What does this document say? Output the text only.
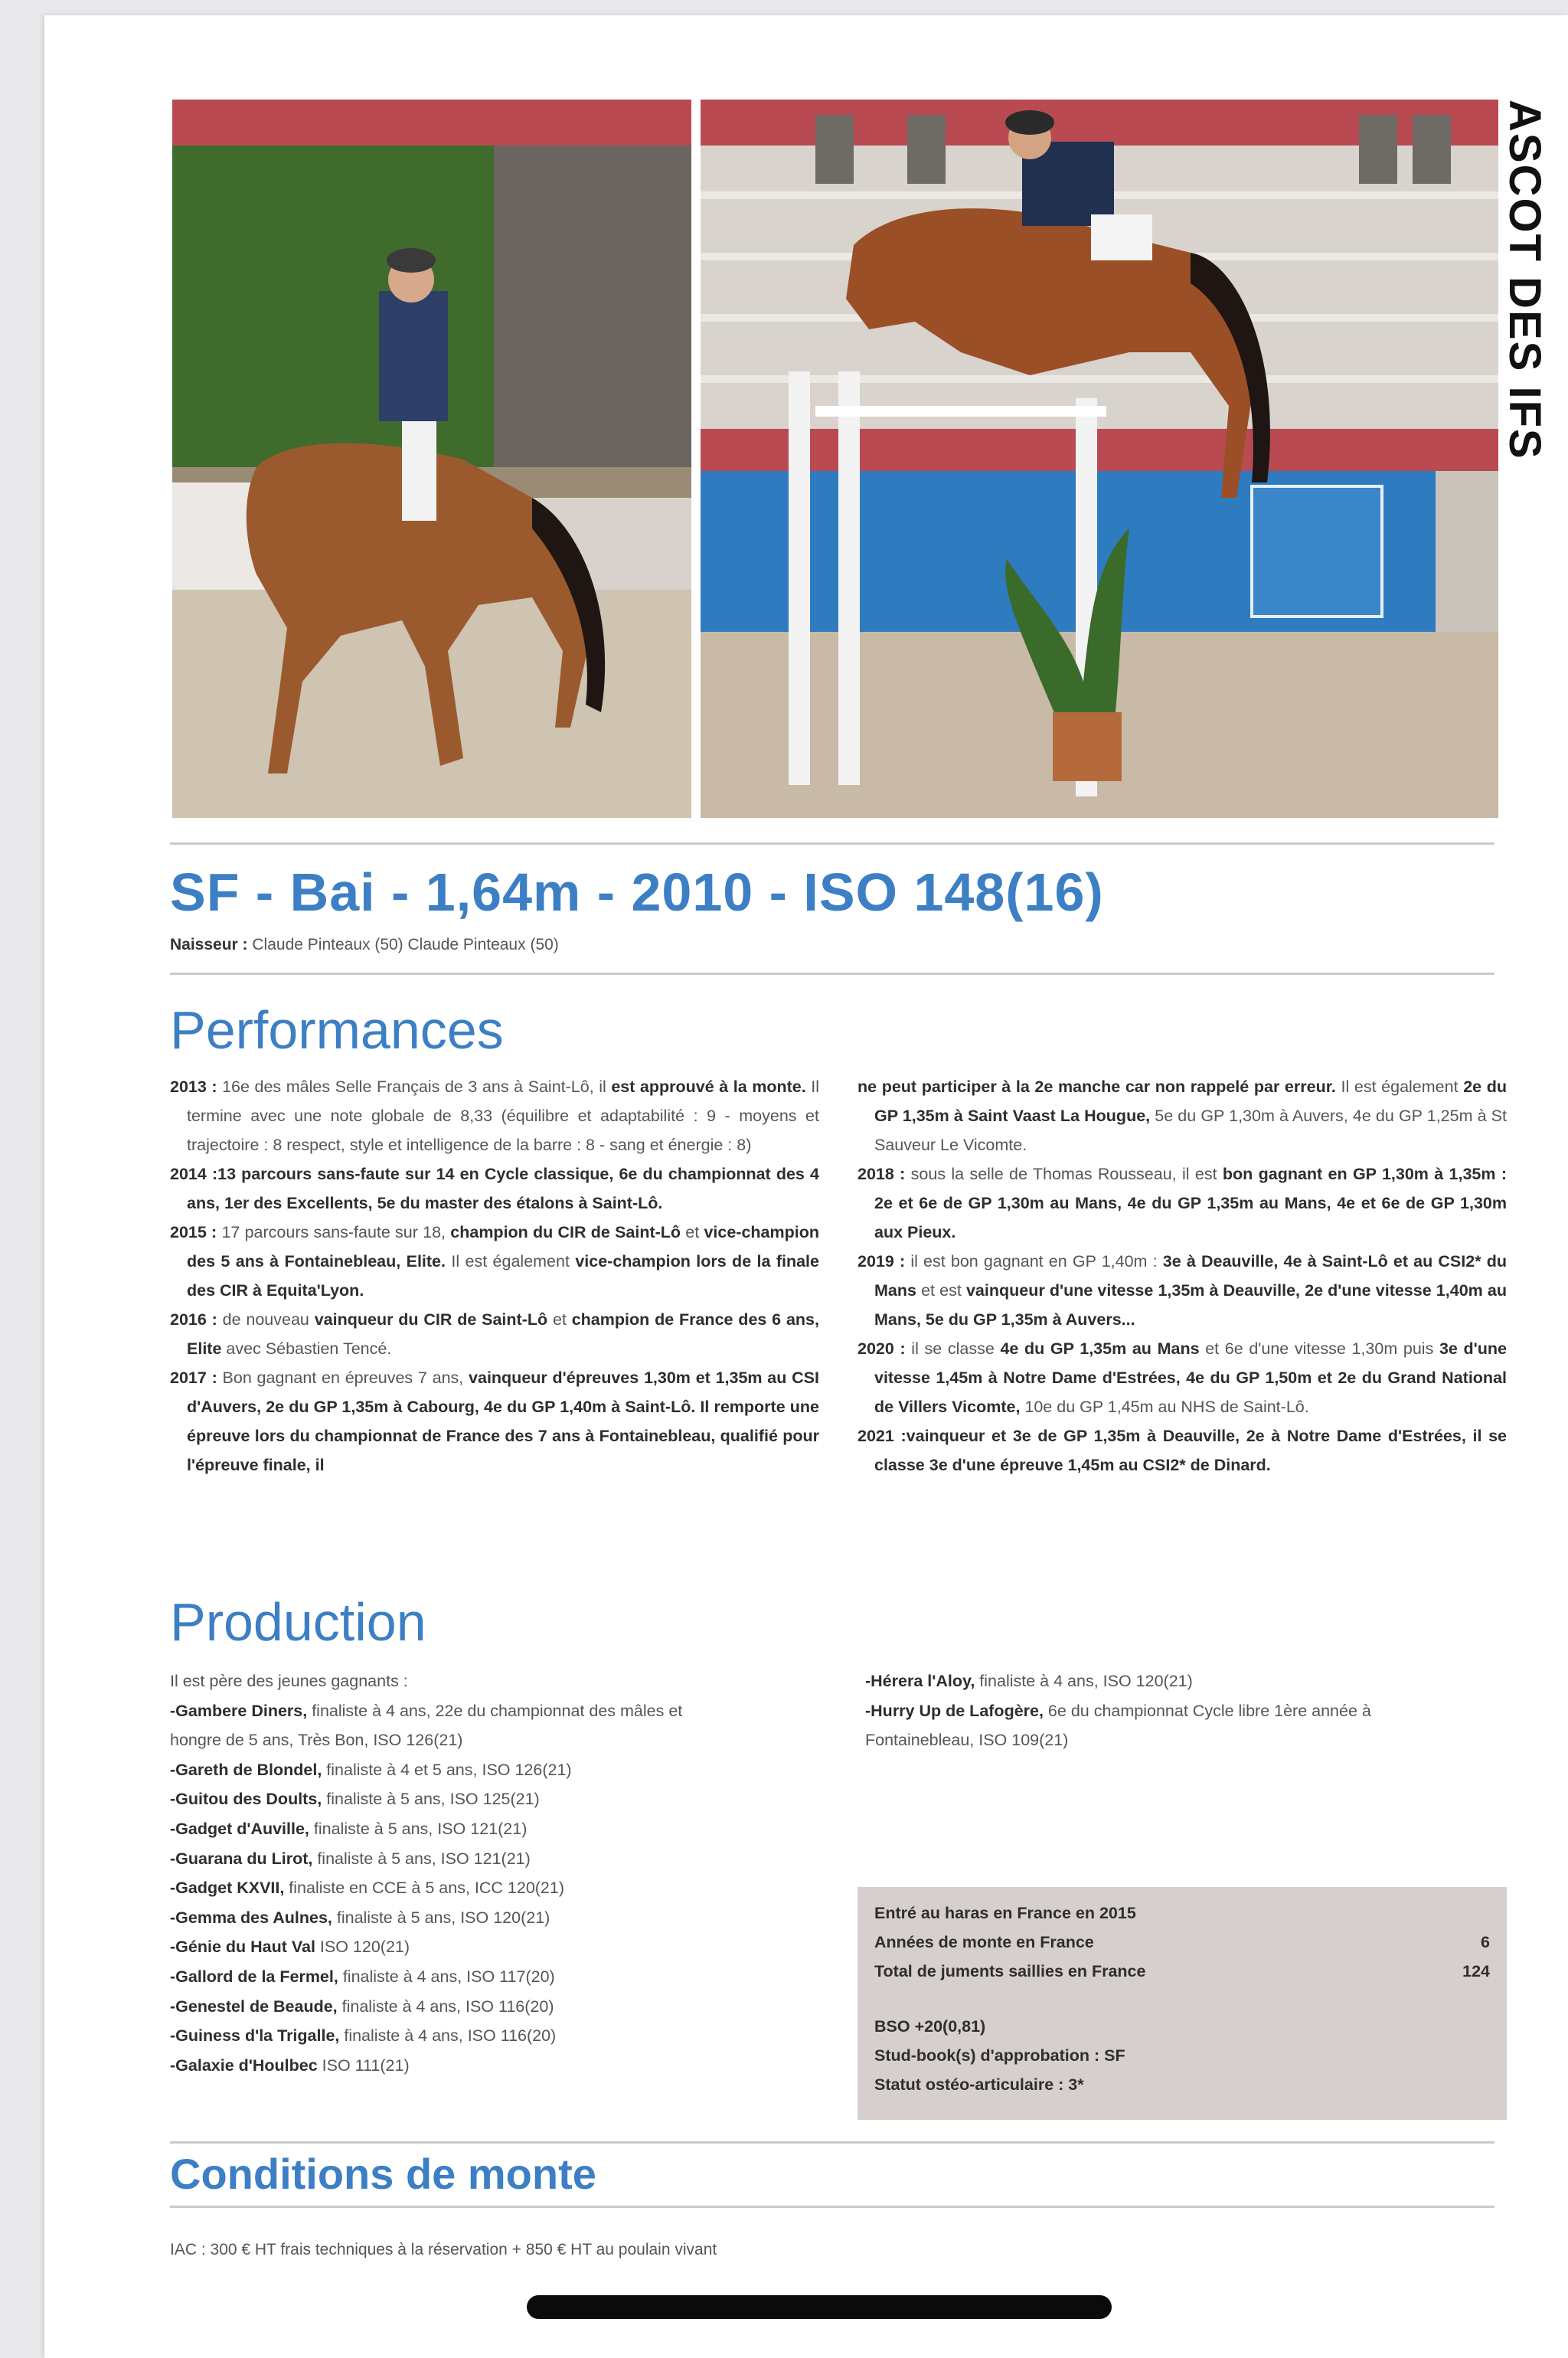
ASCOT DES IFS
SF - Bai - 1,64m - 2010 - ISO 148(16)
Naisseur : Claude Pinteaux (50) Claude Pinteaux (50)
Performances

2013 : 16e des mâles Selle Français de 3 ans à Saint-Lô, il est approuvé à la monte. Il termine avec une note globale de 8,33 (équilibre et adaptabilité : 9 - moyens et trajectoire : 8 respect, style et intelligence de la barre : 8 - sang et énergie : 8)

2014 :13 parcours sans-faute sur 14 en Cycle classique, 6e du championnat des 4 ans, 1er des Excellents, 5e du master des étalons à Saint-Lô.

2015 : 17 parcours sans-faute sur 18, champion du CIR de Saint-Lô et vice-champion des 5 ans à Fontainebleau, Elite. Il est également vice-champion lors de la finale des CIR à Equita'Lyon.

2016 : de nouveau vainqueur du CIR de Saint-Lô et champion de France des 6 ans, Elite avec Sébastien Tencé.

2017 : Bon gagnant en épreuves 7 ans, vainqueur d'épreuves 1,30m et 1,35m au CSI d'Auvers, 2e du GP 1,35m à Cabourg, 4e du GP 1,40m à Saint-Lô. Il remporte une épreuve lors du championnat de France des 7 ans à Fontainebleau, qualifié pour l'épreuve finale, il

ne peut participer à la 2e manche car non rappelé par erreur. Il est également 2e du GP 1,35m à Saint Vaast La Hougue, 5e du GP 1,30m à Auvers, 4e du GP 1,25m à St Sauveur Le Vicomte.

2018 : sous la selle de Thomas Rousseau, il est bon gagnant en GP 1,30m à 1,35m : 2e et 6e de GP 1,30m au Mans, 4e du GP 1,35m au Mans, 4e et 6e de GP 1,30m aux Pieux.

2019 : il est bon gagnant en GP 1,40m : 3e à Deauville, 4e à Saint-Lô et au CSI2* du Mans et est vainqueur d'une vitesse 1,35m à Deauville, 2e d'une vitesse 1,40m au Mans, 5e du GP 1,35m à Auvers...

2020 : il se classe 4e du GP 1,35m au Mans et 6e d'une vitesse 1,30m puis 3e d'une vitesse 1,45m à Notre Dame d'Estrées, 4e du GP 1,50m et 2e du Grand National de Villers Vicomte, 10e du GP 1,45m au NHS de Saint-Lô.

2021 :vainqueur et 3e de GP 1,35m à Deauville, 2e à Notre Dame d'Estrées, il se classe 3e d'une épreuve 1,45m au CSI2* de Dinard.

Production
Il est père des jeunes gagnants :
-Gambere Diners, finaliste à 4 ans, 22e du championnat des mâles et
hongre de 5 ans, Très Bon, ISO 126(21)
-Gareth de Blondel, finaliste à 4 et 5 ans, ISO 126(21)
-Guitou des Doults, finaliste à 5 ans, ISO 125(21)
-Gadget d'Auville, finaliste à 5 ans, ISO 121(21)
-Guarana du Lirot, finaliste à 5 ans, ISO 121(21)
-Gadget KXVII, finaliste en CCE à 5 ans, ICC 120(21)
-Gemma des Aulnes, finaliste à 5 ans, ISO 120(21)
-Génie du Haut Val ISO 120(21)
-Gallord de la Fermel, finaliste à 4 ans, ISO 117(20)
-Genestel de Beaude, finaliste à 4 ans, ISO 116(20)
-Guiness d'la Trigalle, finaliste à 4 ans, ISO 116(20)
-Galaxie d'Houlbec ISO 111(21)
-Hérera l'Aloy, finaliste à 4 ans, ISO 120(21)
-Hurry Up de Lafogère, 6e du championnat Cycle libre 1ère année à
Fontainebleau, ISO 109(21)
Entré au haras en France en 2015
Années de monte en France	6
Total de juments saillies en France	124
BSO +20(0,81)
Stud-book(s) d'approbation : SF
Statut ostéo-articulaire : 3*
Conditions de monte
IAC : 300 € HT frais techniques à la réservation + 850 € HT au poulain vivant
